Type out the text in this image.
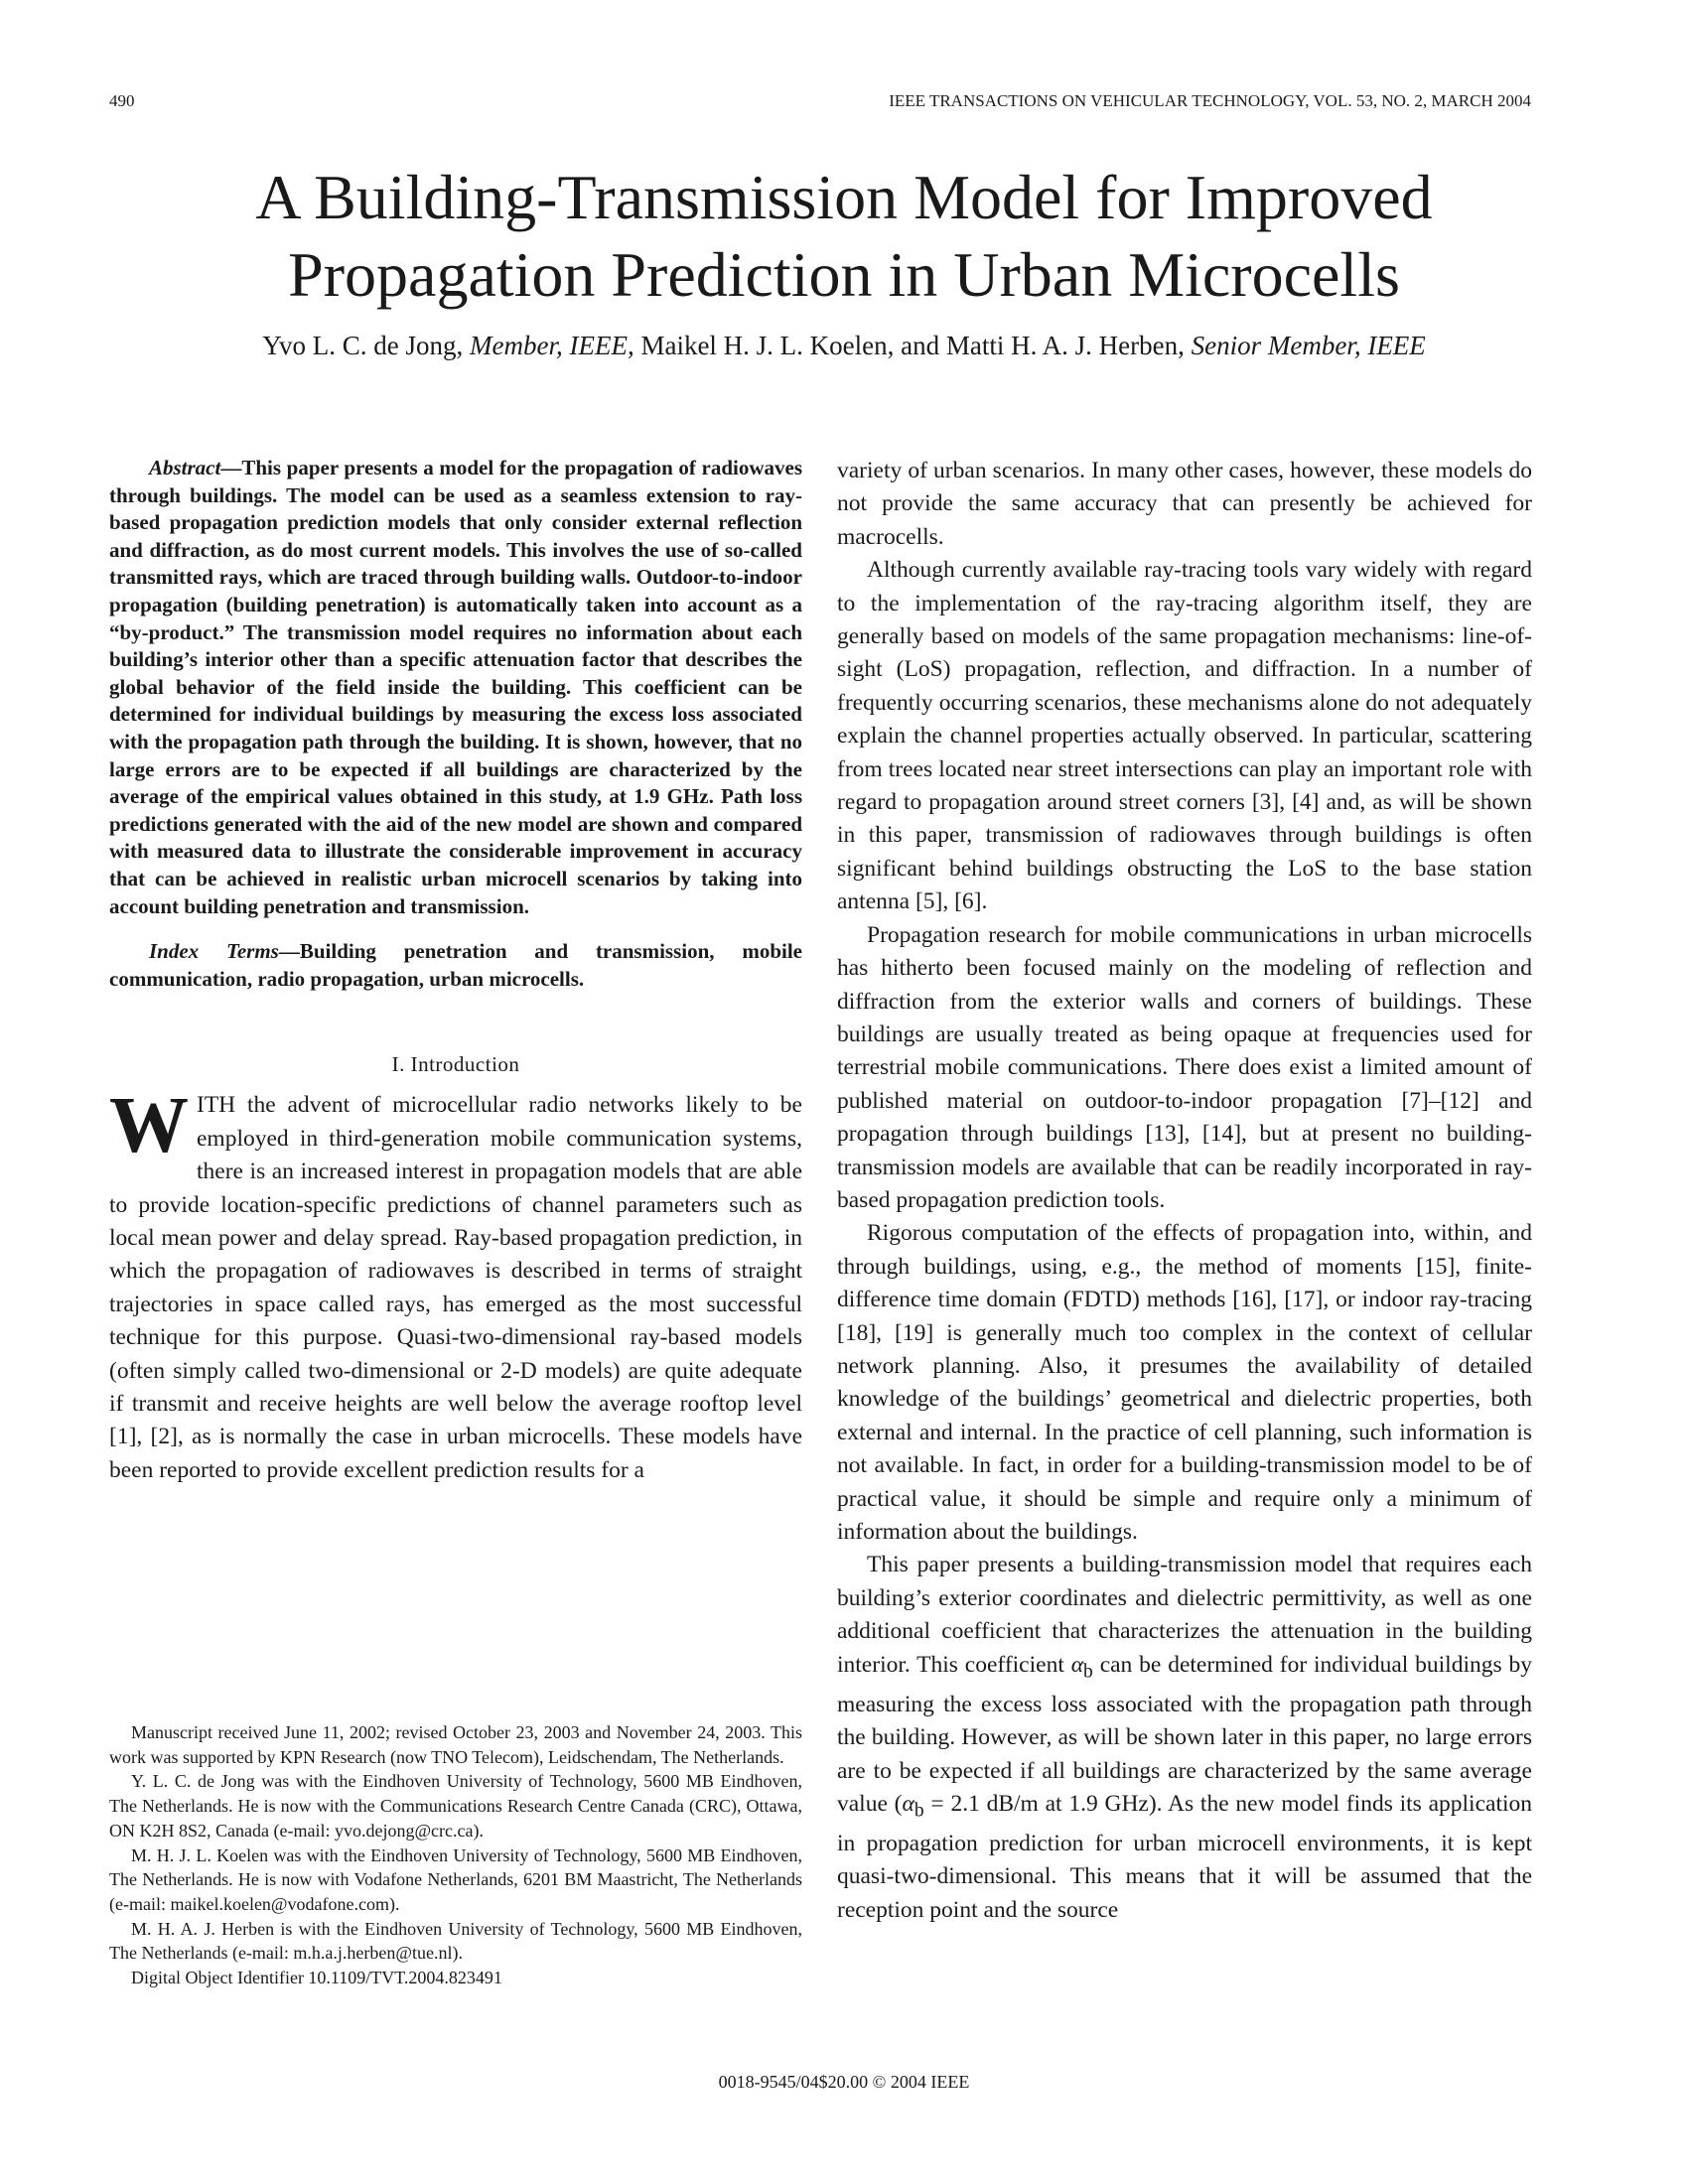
490	IEEE TRANSACTIONS ON VEHICULAR TECHNOLOGY, VOL. 53, NO. 2, MARCH 2004
A Building-Transmission Model for Improved
Propagation Prediction in Urban Microcells
Yvo L. C. de Jong, Member, IEEE, Maikel H. J. L. Koelen, and Matti H. A. J. Herben, Senior Member, IEEE

Abstract—This paper presents a model for the propagation of radiowaves through buildings. The model can be used as a seamless extension to ray-based propagation prediction models that only consider external reflection and diffraction, as do most current models. This involves the use of so-called transmitted rays, which are traced through building walls. Outdoor-to-indoor propagation (building penetration) is automatically taken into account as a “by-product.” The transmission model requires no information about each building’s interior other than a specific attenuation factor that describes the global behavior of the field inside the building. This coefficient can be determined for individual buildings by measuring the excess loss associated with the propagation path through the building. It is shown, however, that no large errors are to be expected if all buildings are characterized by the average of the empirical values obtained in this study, at 1.9 GHz. Path loss predictions generated with the aid of the new model are shown and compared with measured data to illustrate the considerable improvement in accuracy that can be achieved in realistic urban microcell scenarios by taking into account building penetration and transmission.

Index Terms—Building penetration and transmission, mobile communication, radio propagation, urban microcells.

I. Introduction

WITH the advent of microcellular radio networks likely to be employed in third-generation mobile communication systems, there is an increased interest in propagation models that are able to provide location-specific predictions of channel parameters such as local mean power and delay spread. Ray-based propagation prediction, in which the propagation of radiowaves is described in terms of straight trajectories in space called rays, has emerged as the most successful technique for this purpose. Quasi-two-dimensional ray-based models (often simply called two-dimensional or 2-D models) are quite adequate if transmit and receive heights are well below the average rooftop level [1], [2], as is normally the case in urban microcells. These models have been reported to provide excellent prediction results for a

variety of urban scenarios. In many other cases, however, these models do not provide the same accuracy that can presently be achieved for macrocells.

Although currently available ray-tracing tools vary widely with regard to the implementation of the ray-tracing algorithm itself, they are generally based on models of the same propagation mechanisms: line-of-sight (LoS) propagation, reflection, and diffraction. In a number of frequently occurring scenarios, these mechanisms alone do not adequately explain the channel properties actually observed. In particular, scattering from trees located near street intersections can play an important role with regard to propagation around street corners [3], [4] and, as will be shown in this paper, transmission of radiowaves through buildings is often significant behind buildings obstructing the LoS to the base station antenna [5], [6].

Propagation research for mobile communications in urban microcells has hitherto been focused mainly on the modeling of reflection and diffraction from the exterior walls and corners of buildings. These buildings are usually treated as being opaque at frequencies used for terrestrial mobile communications. There does exist a limited amount of published material on outdoor-to-indoor propagation [7]–[12] and propagation through buildings [13], [14], but at present no building-transmission models are available that can be readily incorporated in ray-based propagation prediction tools.

Rigorous computation of the effects of propagation into, within, and through buildings, using, e.g., the method of moments [15], finite-difference time domain (FDTD) methods [16], [17], or indoor ray-tracing [18], [19] is generally much too complex in the context of cellular network planning. Also, it presumes the availability of detailed knowledge of the buildings’ geometrical and dielectric properties, both external and internal. In the practice of cell planning, such information is not available. In fact, in order for a building-transmission model to be of practical value, it should be simple and require only a minimum of information about the buildings.

This paper presents a building-transmission model that requires each building’s exterior coordinates and dielectric permittivity, as well as one additional coefficient that characterizes the attenuation in the building interior. This coefficient $\alpha_b$ can be determined for individual buildings by measuring the excess loss associated with the propagation path through the building. However, as will be shown later in this paper, no large errors are to be expected if all buildings are characterized by the same average value ($\alpha_b = 2.1$ dB/m at 1.9 GHz). As the new model finds its application in propagation prediction for urban microcell environments, it is kept quasi-two-dimensional. This means that it will be assumed that the reception point and the source

Manuscript received June 11, 2002; revised October 23, 2003 and November 24, 2003. This work was supported by KPN Research (now TNO Telecom), Leidschendam, The Netherlands.

Y. L. C. de Jong was with the Eindhoven University of Technology, 5600 MB Eindhoven, The Netherlands. He is now with the Communications Research Centre Canada (CRC), Ottawa, ON K2H 8S2, Canada (e-mail: yvo.dejong@crc.ca).

M. H. J. L. Koelen was with the Eindhoven University of Technology, 5600 MB Eindhoven, The Netherlands. He is now with Vodafone Netherlands, 6201 BM Maastricht, The Netherlands (e-mail: maikel.koelen@vodafone.com).

M. H. A. J. Herben is with the Eindhoven University of Technology, 5600 MB Eindhoven, The Netherlands (e-mail: m.h.a.j.herben@tue.nl).

Digital Object Identifier 10.1109/TVT.2004.823491

0018-9545/04$20.00 © 2004 IEEE
